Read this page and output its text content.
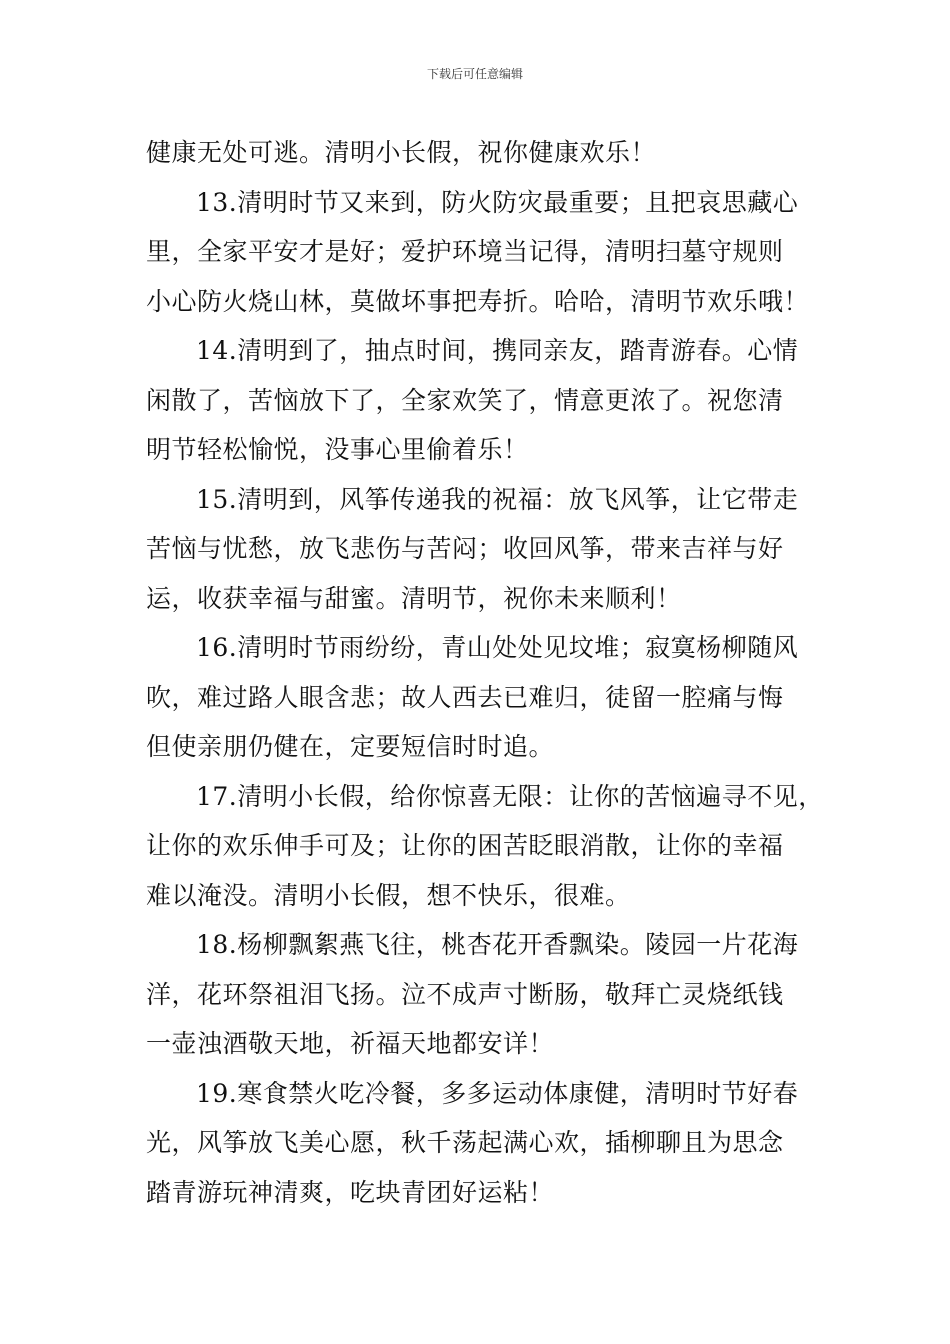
下载后可任意编辑
健康无处可逃。清明小长假，祝你健康欢乐！
13.清明时节又来到，防火防灾最重要；且把哀思藏心
里，全家平安才是好；爱护环境当记得，清明扫墓守规则
小心防火烧山林，莫做坏事把寿折。哈哈，清明节欢乐哦！
14.清明到了，抽点时间，携同亲友，踏青游春。心情
闲散了，苦恼放下了，全家欢笑了，情意更浓了。祝您清
明节轻松愉悦，没事心里偷着乐！
15.清明到，风筝传递我的祝福：放飞风筝，让它带走
苦恼与忧愁，放飞悲伤与苦闷；收回风筝，带来吉祥与好
运，收获幸福与甜蜜。清明节，祝你未来顺利！
16.清明时节雨纷纷，青山处处见坟堆；寂寞杨柳随风
吹，难过路人眼含悲；故人西去已难归，徒留一腔痛与悔
但使亲朋仍健在，定要短信时时追。
17.清明小长假，给你惊喜无限：让你的苦恼遍寻不见，
让你的欢乐伸手可及；让你的困苦眨眼消散，让你的幸福
难以淹没。清明小长假，想不快乐，很难。
18.杨柳飘絮燕飞往，桃杏花开香飘染。陵园一片花海
洋，花环祭祖泪飞扬。泣不成声寸断肠，敬拜亡灵烧纸钱
一壶浊酒敬天地，祈福天地都安详！
19.寒食禁火吃冷餐，多多运动体康健，清明时节好春
光，风筝放飞美心愿，秋千荡起满心欢，插柳聊且为思念
踏青游玩神清爽，吃块青团好运粘！
